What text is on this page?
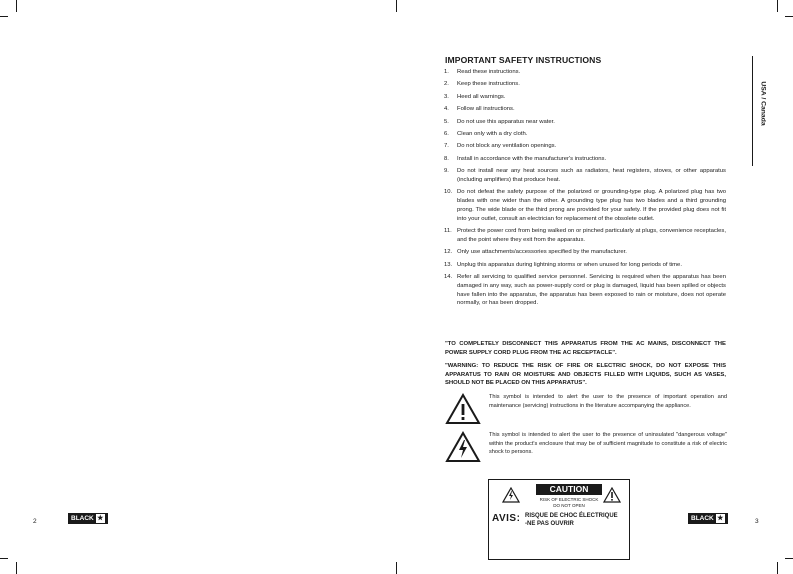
USA / Canada
IMPORTANT SAFETY INSTRUCTIONS
1.	Read these instructions.
2.	Keep these instructions.
3.	Heed all warnings.
4.	Follow all instructions.
5.	Do not use this apparatus near water.
6.	Clean only with a dry cloth.
7.	Do not block any ventilation openings.
8.	Install in accordance with the manufacturer's instructions.
9.	Do not install near any heat sources such as radiators, heat registers, stoves, or other apparatus (including amplifiers) that produce heat.
10. Do not defeat the safety purpose of the polarized or grounding-type plug. A polarized plug has two blades with one wider than the other. A grounding type plug has two blades and a third grounding prong. The wide blade or the third prong are provided for your safety. If the provided plug does not fit into your outlet, consult an electrician for replacement of the obsolete outlet.
11. Protect the power cord from being walked on or pinched particularly at plugs, convenience receptacles, and the point where they exit from the apparatus.
12. Only use attachments/accessories specified by the manufacturer.
13. Unplug this apparatus during lightning storms or when unused for long periods of time.
14. Refer all servicing to qualified service personnel. Servicing is required when the apparatus has been damaged in any way, such as power-supply cord or plug is damaged, liquid has been spilled or objects have fallen into the apparatus, the apparatus has been exposed to rain or moisture, does not operate normally, or has been dropped.
"TO COMPLETELY DISCONNECT THIS APPARATUS FROM THE AC MAINS, DISCONNECT THE POWER SUPPLY CORD PLUG FROM THE AC RECEPTACLE".
"WARNING: TO REDUCE THE RISK OF FIRE OR ELECTRIC SHOCK, DO NOT EXPOSE THIS APPARATUS TO RAIN OR MOISTURE AND OBJECTS FILLED WITH LIQUIDS, SUCH AS VASES, SHOULD NOT BE PLACED ON THIS APPARATUS".
This symbol is intended to alert the user to the presence of important operation and maintenance (servicing) instructions in the literature accompanying the appliance.
This symbol is intended to alert the user to the presence of uninsulated "dangerous voltage" within the product's enclosure that may be of sufficient magnitude to constitute a risk of electric shock to persons.
CAUTION
RISK OF ELECTRIC SHOCK
DO NOT OPEN
AVIS: RISQUE DE CHOC ÉLECTRIQUE
-NE PAS OUVRIR
2	BLACK ★	BLACK ★	3
